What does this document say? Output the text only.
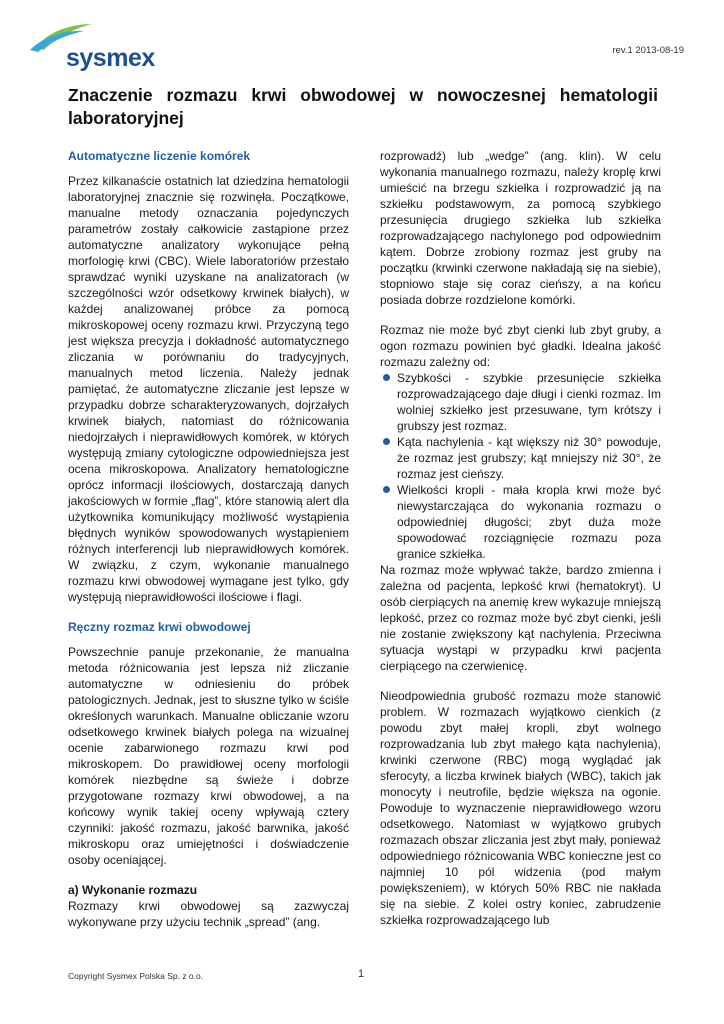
sysmex	rev.1 2013-08-19
Znaczenie rozmazu krwi obwodowej w nowoczesnej hematologii laboratoryjnej
Automatyczne liczenie komórek

Przez kilkanaście ostatnich lat dziedzina hematologii laboratoryjnej znacznie się rozwinęła. Początkowe, manualne metody oznaczania pojedynczych parametrów zostały całkowicie zastąpione przez automatyczne analizatory wykonujące pełną morfologię krwi (CBC). Wiele laboratoriów przestało sprawdzać wyniki uzyskane na analizatorach (w szczególności wzór odsetkowy krwinek białych), w każdej analizowanej próbce za pomocą mikroskopowej oceny rozmazu krwi. Przyczyną tego jest większa precyzja i dokładność automatycznego zliczania w porównaniu do tradycyjnych, manualnych metod liczenia. Należy jednak pamiętać, że automatyczne zliczanie jest lepsze w przypadku dobrze scharakteryzowanych, dojrzałych krwinek białych, natomiast do różnicowania niedojrzałych i nieprawidłowych komórek, w których występują zmiany cytologiczne odpowiedniejsza jest ocena mikroskopowa. Analizatory hematologiczne oprócz informacji ilościowych, dostarczają danych jakościowych w formie „flag”, które stanowią alert dla użytkownika komunikujący możliwość wystąpienia błędnych wyników spowodowanych wystąpieniem różnych interferencji lub nieprawidłowych komórek. W związku, z czym, wykonanie manualnego rozmazu krwi obwodowej wymagane jest tylko, gdy występują nieprawidłowości ilościowe i flagi.

Ręczny rozmaz krwi obwodowej

Powszechnie panuje przekonanie, że manualna metoda różnicowania jest lepsza niż zliczanie automatyczne w odniesieniu do próbek patologicznych. Jednak, jest to słuszne tylko w ściśle określonych warunkach. Manualne obliczanie wzoru odsetkowego krwinek białych polega na wizualnej ocenie zabarwionego rozmazu krwi pod mikroskopem. Do prawidłowej oceny morfologii komórek niezbędne są świeże i dobrze przygotowane rozmazy krwi obwodowej, a na końcowy wynik takiej oceny wpływają cztery czynniki: jakość rozmazu, jakość barwnika, jakość mikroskopu oraz umiejętności i doświadczenie osoby oceniającej.

a) Wykonanie rozmazu

Rozmazy krwi obwodowej są zazwyczaj wykonywane przy użyciu technik „spread” (ang.

rozprowadź) lub „wedge” (ang. klin). W celu wykonania manualnego rozmazu, należy kroplę krwi umieścić na brzegu szkiełka i rozprowadzić ją na szkiełku podstawowym, za pomocą szybkiego przesunięcia drugiego szkiełka lub szkiełka rozprowadzającego nachylonego pod odpowiednim kątem. Dobrze zrobiony rozmaz jest gruby na początku (krwinki czerwone nakładają się na siebie), stopniowo staje się coraz cieńszy, a na końcu posiada dobrze rozdzielone komórki.

Rozmaz nie może być zbyt cienki lub zbyt gruby, a ogon rozmazu powinien być gładki. Idealna jakość rozmazu zależny od:

Szybkości - szybkie przesunięcie szkiełka rozprowadzającego daje długi i cienki rozmaz. Im wolniej szkiełko jest przesuwane, tym krótszy i grubszy jest rozmaz.
Kąta nachylenia - kąt większy niż 30° powoduje, że rozmaz jest grubszy; kąt mniejszy niż 30°, że rozmaz jest cieńszy.
Wielkości kropli - mała kropla krwi może być niewystarczająca do wykonania rozmazu o odpowiedniej długości; zbyt duża może spowodować rozciągnięcie rozmazu poza granice szkiełka.

Na rozmaz może wpływać także, bardzo zmienna i zależna od pacjenta, lepkość krwi (hematokryt). U osób cierpiących na anemię krew wykazuje mniejszą lepkość, przez co rozmaz może być zbyt cienki, jeśli nie zostanie zwiększony kąt nachylenia. Przeciwna sytuacja wystąpi w przypadku krwi pacjenta cierpiącego na czerwienicę.

Nieodpowiednia grubość rozmazu może stanowić problem. W rozmazach wyjątkowo cienkich (z powodu zbyt małej kropli, zbyt wolnego rozprowadzania lub zbyt małego kąta nachylenia), krwinki czerwone (RBC) mogą wyglądać jak sferocyty, a liczba krwinek białych (WBC), takich jak monocyty i neutrofile, będzie większa na ogonie. Powoduje to wyznaczenie nieprawidłowego wzoru odsetkowego. Natomiast w wyjątkowo grubych rozmazach obszar zliczania jest zbyt mały, ponieważ odpowiedniego różnicowania WBC konieczne jest co najmniej 10 pól widzenia (pod małym powiększeniem), w których 50% RBC nie nakłada się na siebie. Z kolei ostry koniec, zabrudzenie szkiełka rozprowadzającego lub

Copyright Sysmex Polska Sp. z o.o.	1
